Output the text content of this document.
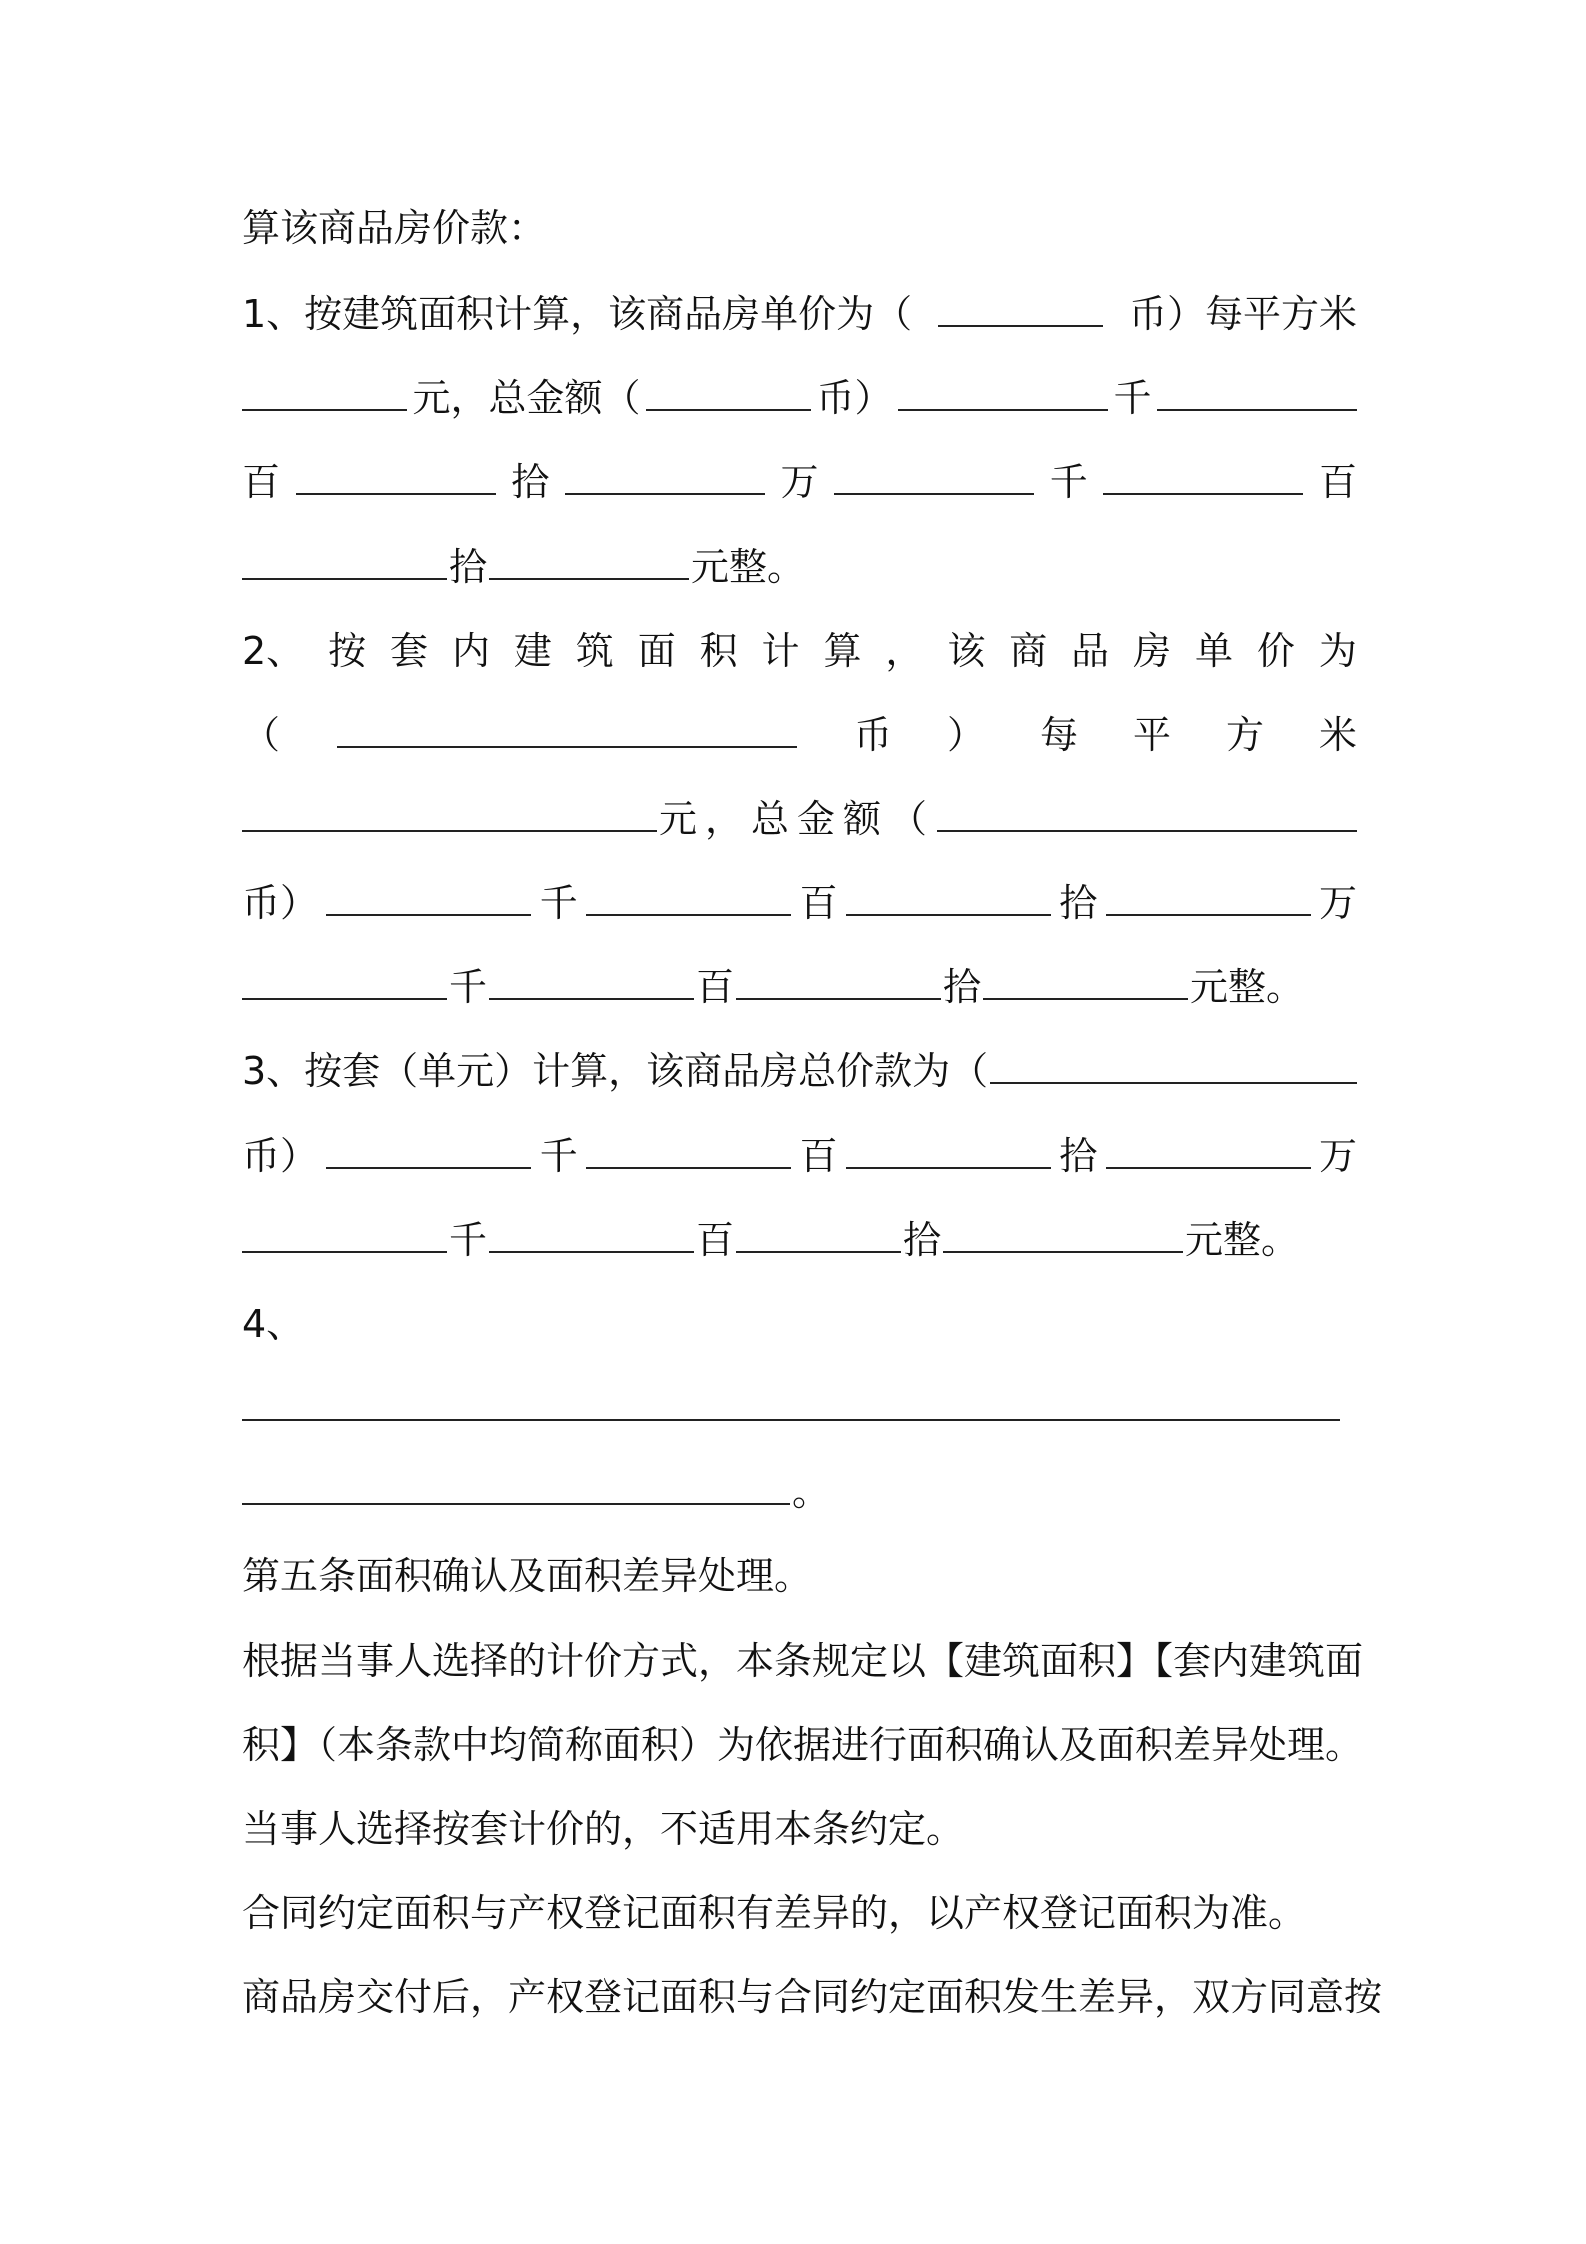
算该商品房价款：
1、按建筑面积计算，该商品房单价为（	币）每平方米
元，总金额（	币）	千
百	拾	万	千	百
拾	元整。
2、 按 套 内 建 筑 面 积 计 算 ， 该 商 品 房 单 价 为
（	币 ） 每 平 方 米
元，总金额（
币）	千	百	拾	万
千	百	拾	元整。
3、按套（单元）计算，该商品房总价款为（
币）	千	百	拾	万
千	百	拾	元整。
4、
。
第五条面积确认及面积差异处理。
根据当事人选择的计价方式，本条规定以【建筑面积】【套内建筑面
积】（本条款中均简称面积）为依据进行面积确认及面积差异处理。
当事人选择按套计价的，不适用本条约定。
合同约定面积与产权登记面积有差异的，以产权登记面积为准。
商品房交付后，产权登记面积与合同约定面积发生差异，双方同意按
